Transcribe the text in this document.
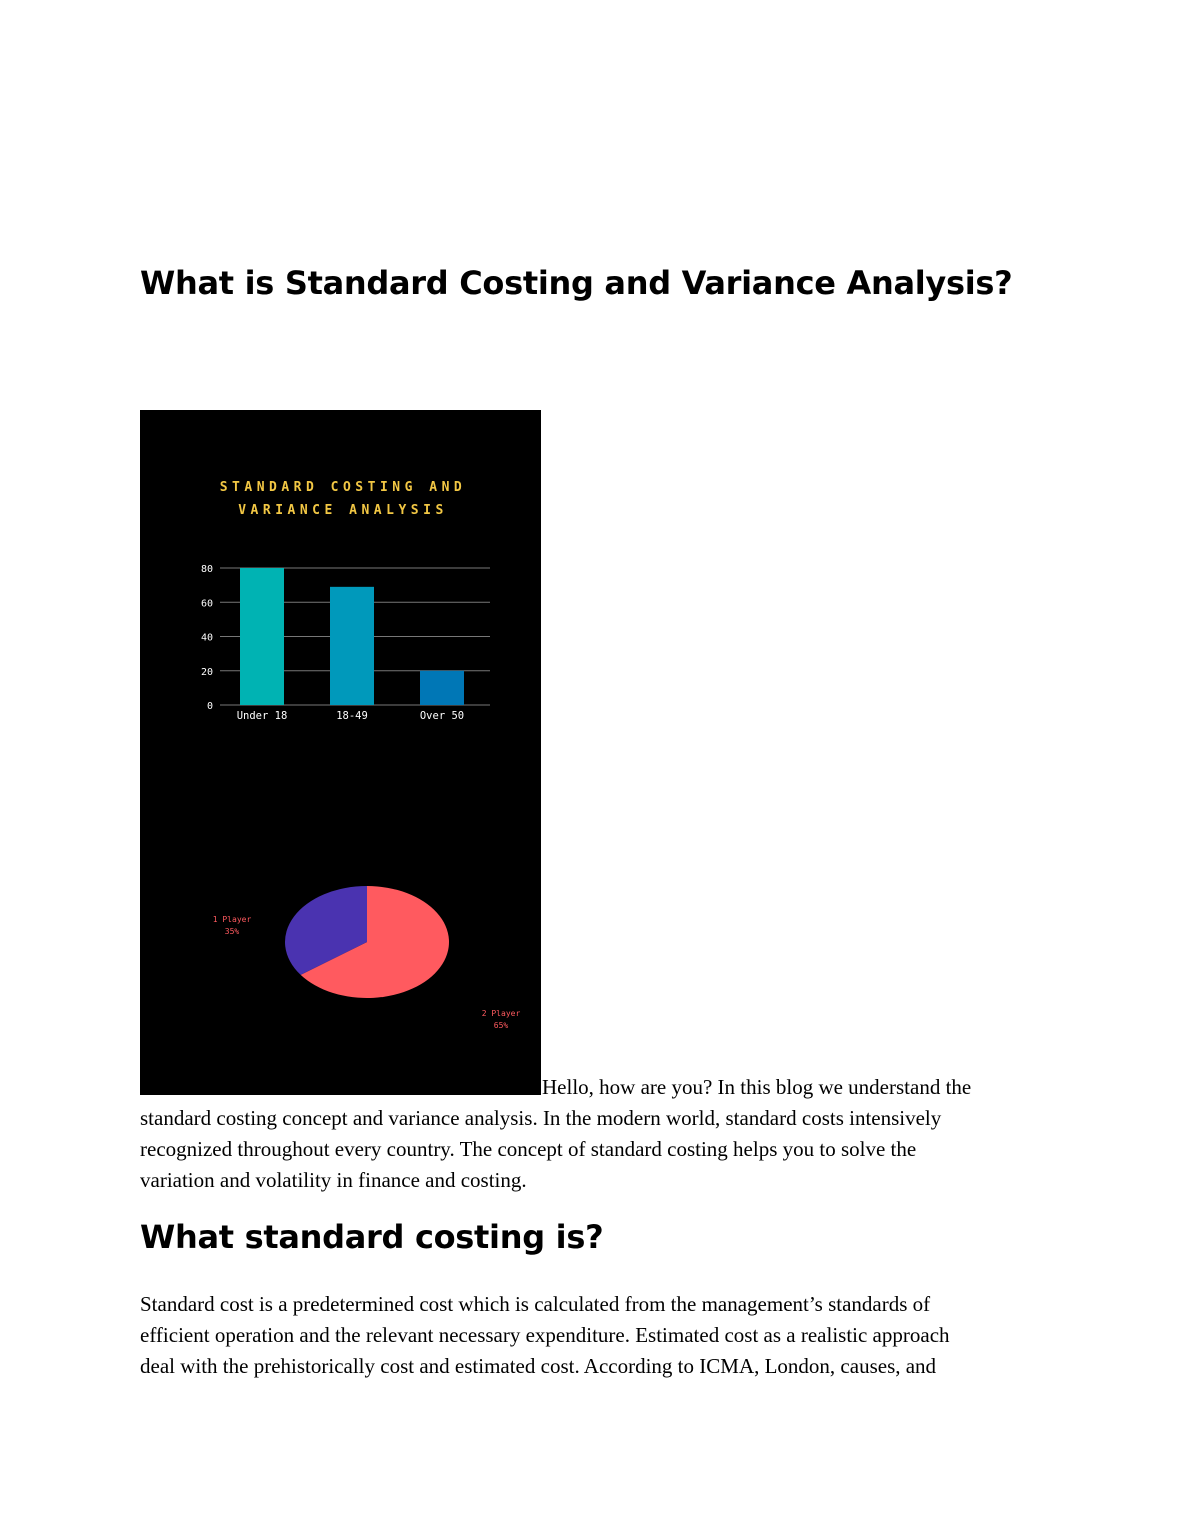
What is Standard Costing and Variance Analysis?
STANDARD COSTING AND
VARIANCE ANALYSIS
0
20
40
60
80
Under 18	18-49	Over 50
1 Player
35%
2 Player
65%
Hello, how are you? In this blog we understand the
standard costing concept and variance analysis. In the modern world, standard costs intensively
recognized throughout every country. The concept of standard costing helps you to solve the
variation and volatility in finance and costing.
What standard costing is?
Standard cost is a predetermined cost which is calculated from the management’s standards of
efficient operation and the relevant necessary expenditure. Estimated cost as a realistic approach
deal with the prehistorically cost and estimated cost. According to ICMA, London, causes, and
